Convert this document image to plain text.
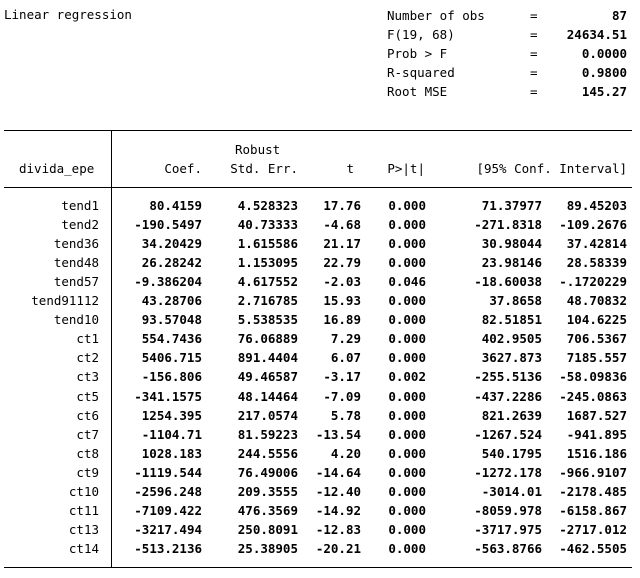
Linear regression	Number of obs	=	87
F(19, 68)	= 24634.51
Prob > F	=	0.0000
R-squared	=	0.9800
Root MSE	=	145.27
Robust
divida_epe	Coef. Std. Err.	t	P>|t|	[95% Conf. Interval]
tend1	80.4159	4.528323 17.76 0.000	71.37977 89.45203
tend2	-190.5497	40.73333 -4.68 0.000	-271.8318 -109.2676
tend36	34.20429	1.615586 21.17 0.000	30.98044 37.42814
tend48	26.28242	1.153095 22.79 0.000	23.98146 28.58339
tend57	-9.386204	4.617552 -2.03 0.046	-18.60038 -.1720229
tend91112	43.28706	2.716785 15.93 0.000	37.8658 48.70832
tend10	93.57048	5.538535 16.89 0.000	82.51851 104.6225
ct1	554.7436	76.06889	7.29 0.000	402.9505 706.5367
ct2	5406.715	891.4404	6.07 0.000	3627.873 7185.557
ct3	-156.806	49.46587 -3.17 0.002	-255.5136 -58.09836
ct5	-341.1575	48.14464 -7.09 0.000	-437.2286 -245.0863
ct6	1254.395	217.0574	5.78 0.000	821.2639 1687.527
ct7	-1104.71	81.59223 -13.54 0.000	-1267.524 -941.895
ct8	1028.183	244.5556	4.20 0.000	540.1795 1516.186
ct9	-1119.544	76.49006 -14.64 0.000	-1272.178 -966.9107
ct10	-2596.248	209.3555 -12.40 0.000	-3014.01 -2178.485
ct11	-7109.422	476.3569 -14.92 0.000	-8059.978 -6158.867
ct13	-3217.494	250.8091 -12.83 0.000	-3717.975 -2717.012
ct14	-513.2136	25.38905 -20.21 0.000	-563.8766 -462.5505
